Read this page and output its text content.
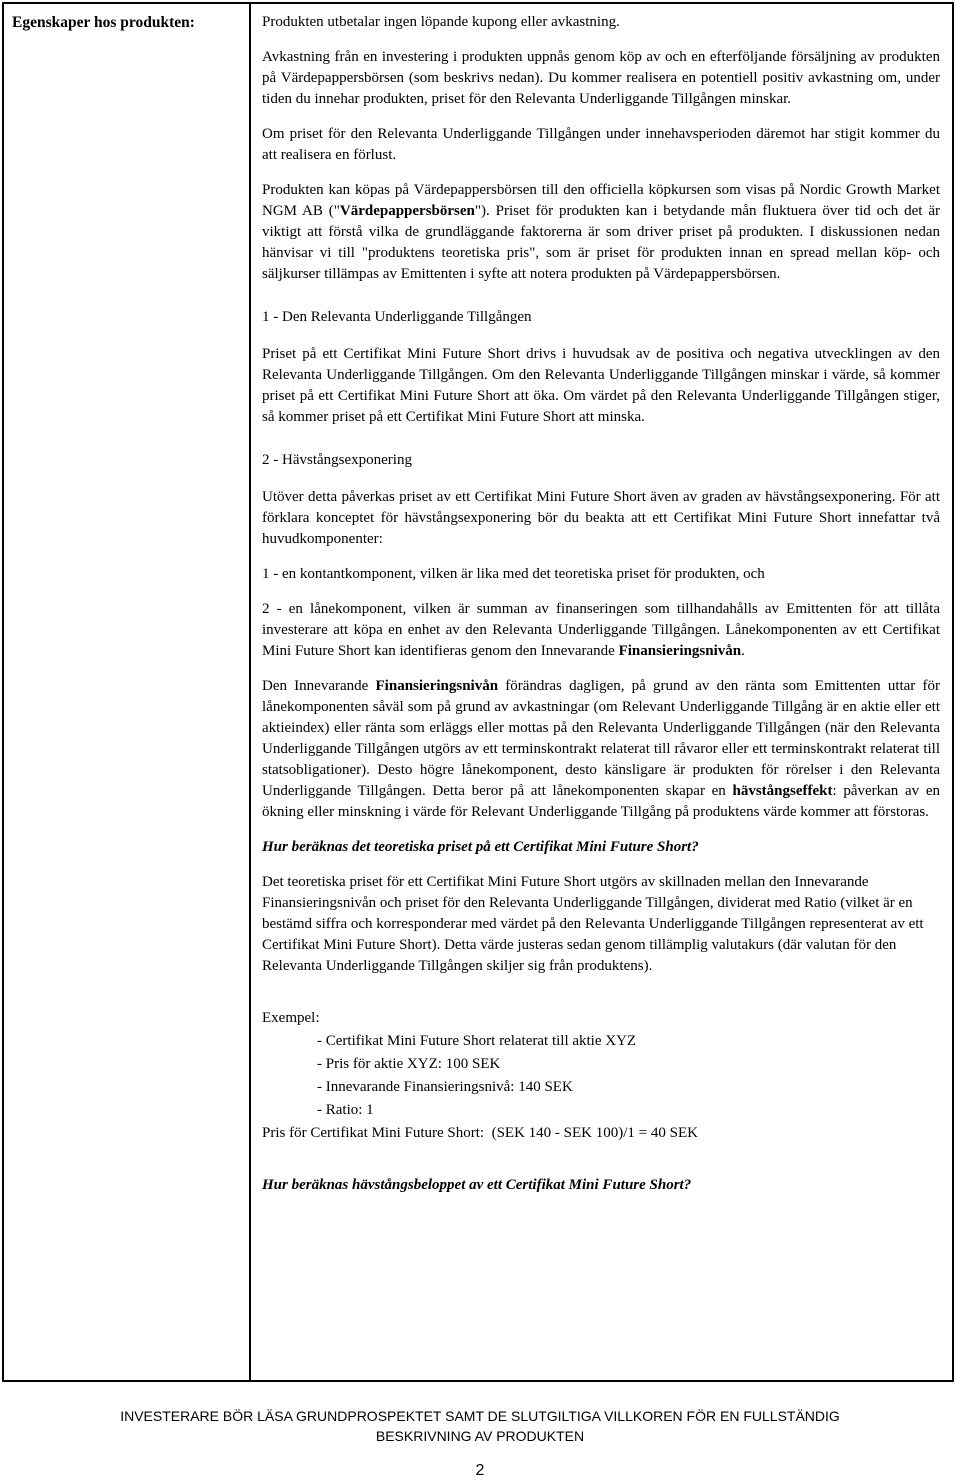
Egenskaper hos produkten:	Produkten utbetalar ingen löpande kupong eller avkastning.

Avkastning från en investering i produkten uppnås genom köp av och en efterföljande försäljning av produkten på Värdepappersbörsen (som beskrivs nedan). Du kommer realisera en potentiell positiv avkastning om, under tiden du innehar produkten, priset för den Relevanta Underliggande Tillgången minskar.

Om priset för den Relevanta Underliggande Tillgången under innehavsperioden däremot har stigit kommer du att realisera en förlust.

Produkten kan köpas på Värdepappersbörsen till den officiella köpkursen som visas på Nordic Growth Market NGM AB ("Värdepappersbörsen"). Priset för produkten kan i betydande mån fluktuera över tid och det är viktigt att förstå vilka de grundläggande faktorerna är som driver priset på produkten. I diskussionen nedan hänvisar vi till "produktens teoretiska pris", som är priset för produkten innan en spread mellan köp- och säljkurser tillämpas av Emittenten i syfte att notera produkten på Värdepappersbörsen.

1 - Den Relevanta Underliggande Tillgången

Priset på ett Certifikat Mini Future Short drivs i huvudsak av de positiva och negativa utvecklingen av den Relevanta Underliggande Tillgången. Om den Relevanta Underliggande Tillgången minskar i värde, så kommer priset på ett Certifikat Mini Future Short att öka. Om värdet på den Relevanta Underliggande Tillgången stiger, så kommer priset på ett Certifikat Mini Future Short att minska.

2 - Hävstångsexponering

Utöver detta påverkas priset av ett Certifikat Mini Future Short även av graden av hävstångsexponering. För att förklara konceptet för hävstångsexponering bör du beakta att ett Certifikat Mini Future Short innefattar två huvudkomponenter:

1 - en kontantkomponent, vilken är lika med det teoretiska priset för produkten, och

2 - en lånekomponent, vilken är summan av finanseringen som tillhandahålls av Emittenten för att tillåta investerare att köpa en enhet av den Relevanta Underliggande Tillgången. Lånekomponenten av ett Certifikat Mini Future Short kan identifieras genom den Innevarande Finansieringsnivån.

Den Innevarande Finansieringsnivån förändras dagligen, på grund av den ränta som Emittenten uttar för lånekomponenten såväl som på grund av avkastningar (om Relevant Underliggande Tillgång är en aktie eller ett aktieindex) eller ränta som erläggs eller mottas på den Relevanta Underliggande Tillgången (när den Relevanta Underliggande Tillgången utgörs av ett terminskontrakt relaterat till råvaror eller ett terminskontrakt relaterat till statsobligationer). Desto högre lånekomponent, desto känsligare är produkten för rörelser i den Relevanta Underliggande Tillgången. Detta beror på att lånekomponenten skapar en hävstångseffekt: påverkan av en ökning eller minskning i värde för Relevant Underliggande Tillgång på produktens värde kommer att förstoras.

Hur beräknas det teoretiska priset på ett Certifikat Mini Future Short?

Det teoretiska priset för ett Certifikat Mini Future Short utgörs av skillnaden mellan den Innevarande Finansieringsnivån och priset för den Relevanta Underliggande Tillgången, dividerat med Ratio (vilket är en bestämd siffra och korresponderar med värdet på den Relevanta Underliggande Tillgången representerat av ett Certifikat Mini Future Short). Detta värde justeras sedan genom tillämplig valutakurs (där valutan för den Relevanta Underliggande Tillgången skiljer sig från produktens).

Exempel:

- Certifikat Mini Future Short relaterat till aktie XYZ

- Pris för aktie XYZ: 100 SEK

- Innevarande Finansieringsnivå: 140 SEK

- Ratio: 1

Pris för Certifikat Mini Future Short:  (SEK 140 - SEK 100)/1 = 40 SEK

Hur beräknas hävstångsbeloppet av ett Certifikat Mini Future Short?

INVESTERARE BÖR LÄSA GRUNDPROSPEKTET SAMT DE SLUTGILTIGA VILLKOREN FÖR EN FULLSTÄNDIG
BESKRIVNING AV PRODUKTEN
2
